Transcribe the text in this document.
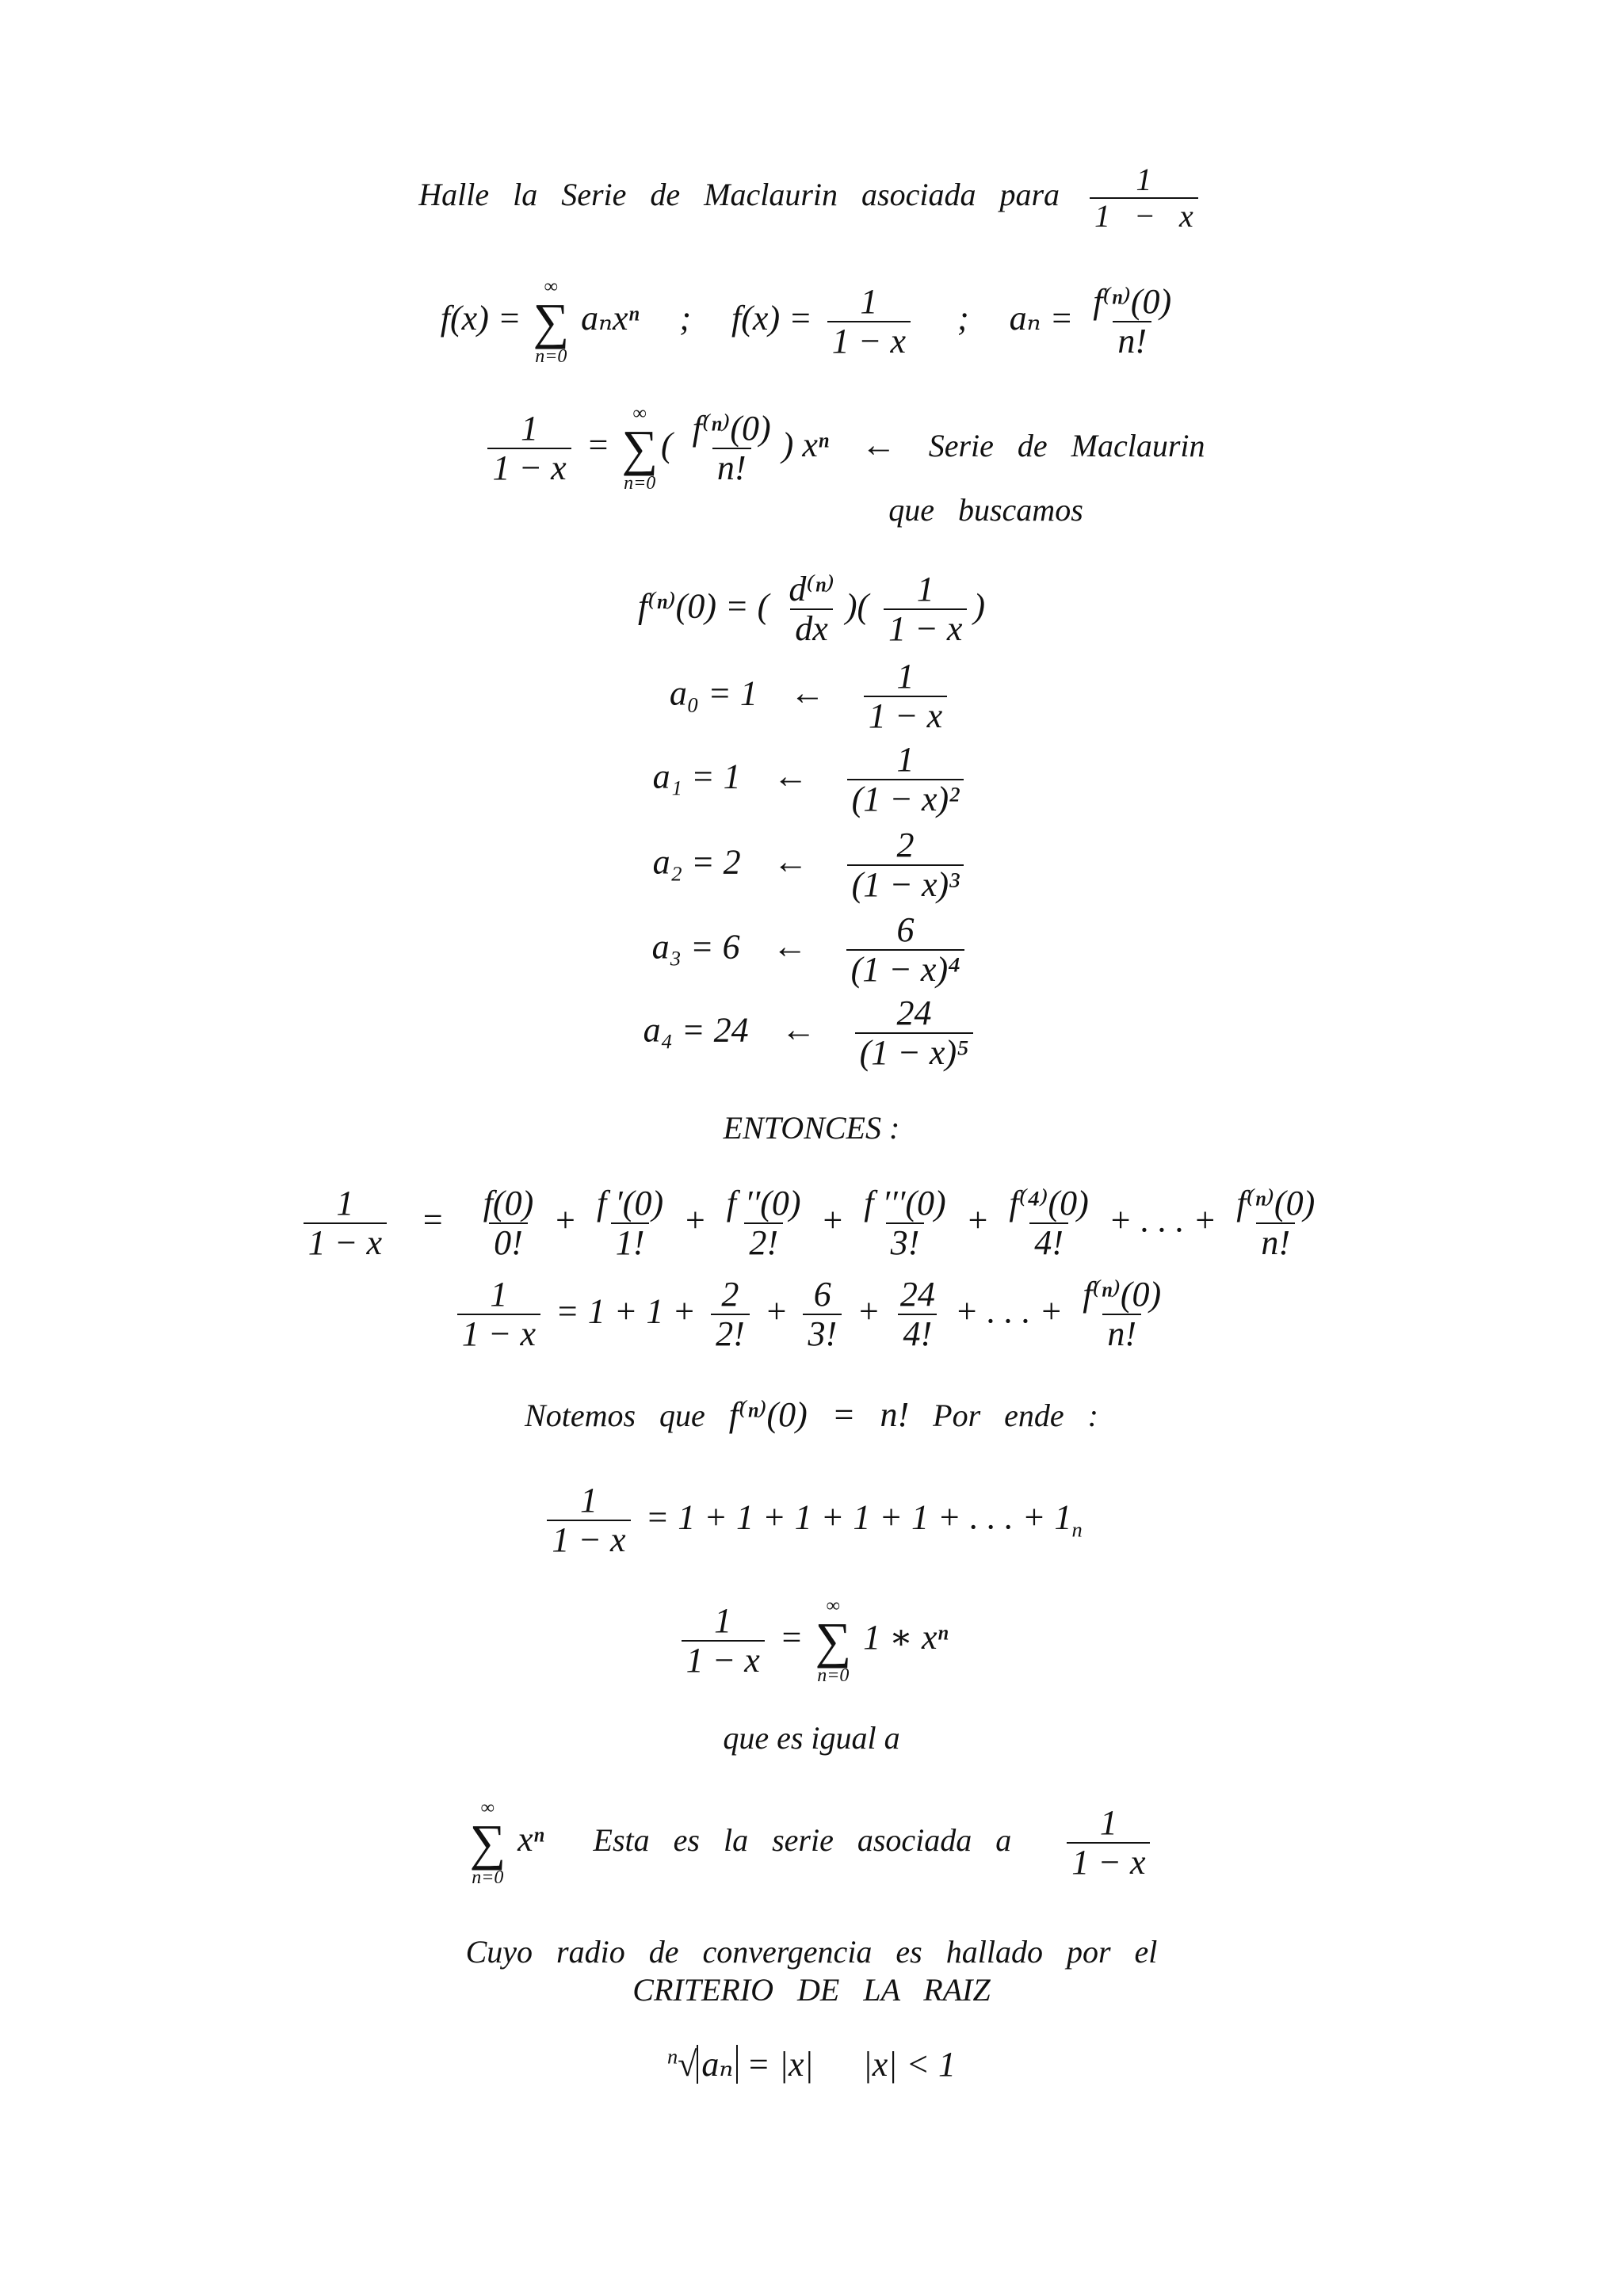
Halle la Serie de Maclaurin asociada para $\frac{1}{1 - x}$
f(x) =
∞
∑
n=0
aₙxⁿ ; $f(x) = \frac{1}{1 - x}$ ; $a_n = \frac{\text{f⁽ⁿ⁾(0)}}{n!}$
$\frac{1}{1 - x}$ =
∞
∑
n=0
( $\frac{\text{f⁽ⁿ⁾(0)}}{n!}$ ) xⁿ ← Serie de Maclaurin
que buscamos
f⁽ⁿ⁾(0) = ( $\frac{\text{d⁽ⁿ⁾}}{dx}$ )( $\frac{1}{1 - x}$ )
a₀ = 1 ← $\frac{1}{1 - x}$
a₁ = 1 ← $\frac{1}{\text{(1 − x)²}}$
a₂ = 2 ← $\frac{2}{\text{(1 − x)³}}$
a₃ = 6 ← $\frac{6}{\text{(1 − x)⁴}}$
a₄ = 24 ← $\frac{24}{\text{(1 − x)⁵}}$
ENTONCES :
$\frac{1}{1 - x} = \frac{f(0)}{0!} + \frac{f '(0)}{1!} + \frac{f ''(0)}{2!} + \frac{f '''(0)}{3!} + \frac{\text{f⁽⁴⁾(0)}}{4!}$ + . . . + $\frac{\text{f⁽ⁿ⁾(0)}}{n!}$
$\frac{1}{1 - x} = 1 + 1 + \frac{2}{2!} + \frac{6}{3!} + \frac{24}{4!}$ + . . . + $\frac{\text{f⁽ⁿ⁾(0)}}{n!}$
Notemos que f⁽ⁿ⁾(0) = n! Por ende :
$\frac{1}{1 - x} = 1 + 1 + 1 + 1 + 1$ + . . . + $1_n$
$\frac{1}{1 - x}$ =
∞
∑
n=0
1 ∗ xⁿ
que es igual a
∞
∑
n=0
xⁿ Esta es la serie asociada a $\frac{1}{1 - x}$
Cuyo radio de convergencia es hallado por el
CRITERIO DE LA RAIZ
$^n$√ aₙ = |x| |x| < 1
